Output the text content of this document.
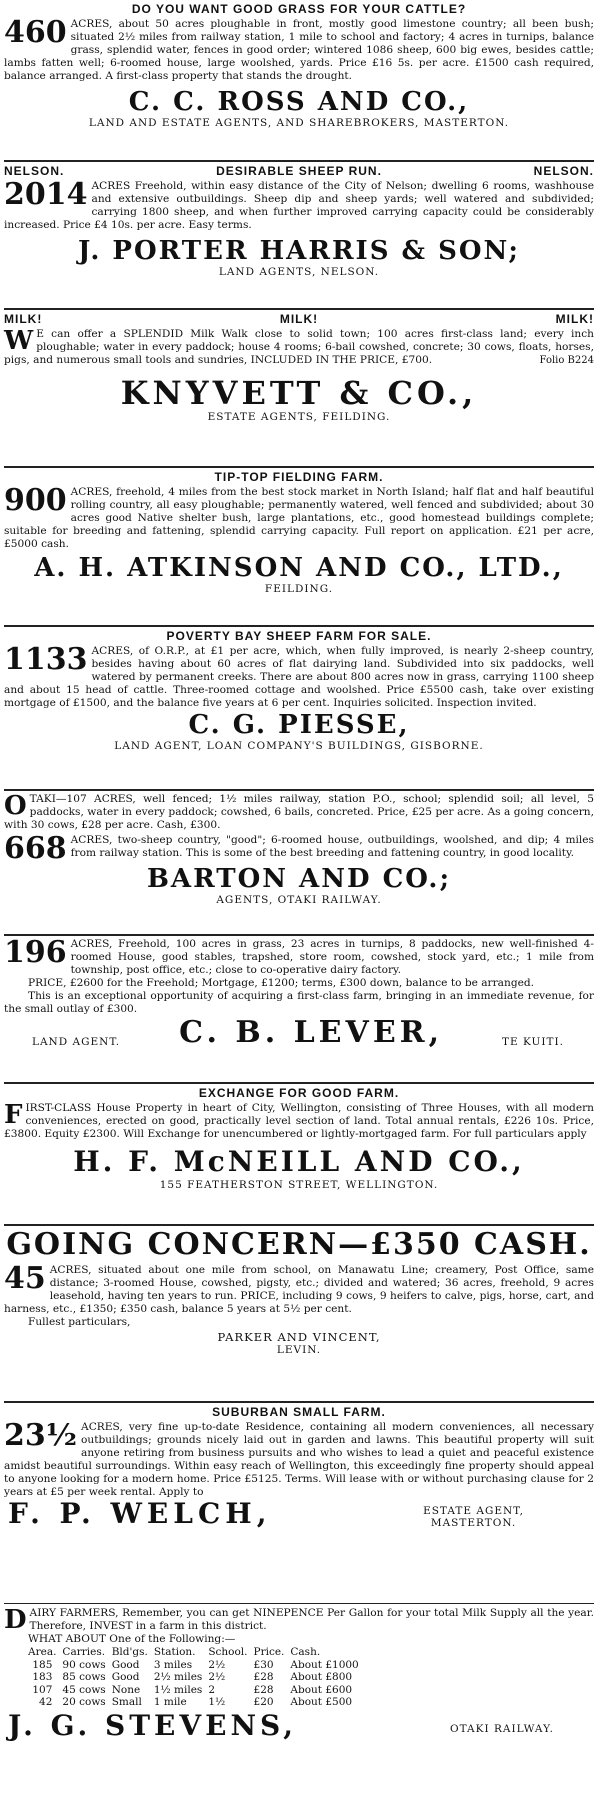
DO YOU WANT GOOD GRASS FOR YOUR CATTLE?

460 ACRES, about 50 acres ploughable in front, mostly good limestone country; all been bush; situated 2½ miles from railway station, 1 mile to school and factory; 4 acres in turnips, balance grass, splendid water, fences in good order; wintered 1086 sheep, 600 big ewes, besides cattle; lambs fatten well; 6-roomed house, large woolshed, yards. Price £16 5s. per acre. £1500 cash required, balance arranged. A first-class property that stands the drought.

C. C. ROSS AND CO.,
LAND AND ESTATE AGENTS, AND SHAREBROKERS, MASTERTON.
NELSON.	DESIRABLE SHEEP RUN.	NELSON.

2014 ACRES Freehold, within easy distance of the City of Nelson; dwelling 6 rooms, washhouse and extensive outbuildings. Sheep dip and sheep yards; well watered and subdivided; carrying 1800 sheep, and when further improved carrying capacity could be considerably increased. Price £4 10s. per acre. Easy terms.

J. PORTER HARRIS & SON;
LAND AGENTS, NELSON.
MILK!	MILK!	MILK!

W E can offer a SPLENDID Milk Walk close to solid town; 100 acres first-class land; every inch ploughable; water in every paddock; house 4 rooms; 6-bail cowshed, concrete; 30 cows, floats, horses, pigs, and numerous small tools and sundries, INCLUDED IN THE PRICE, £700.	Folio B224

KNYVETT & CO.,
ESTATE AGENTS, FEILDING.
TIP-TOP FIELDING FARM.

900 ACRES, freehold, 4 miles from the best stock market in North Island; half flat and half beautiful rolling country, all easy ploughable; permanently watered, well fenced and subdivided; about 30 acres good Native shelter bush, large plantations, etc., good homestead buildings complete; suitable for breeding and fattening, splendid carrying capacity. Full report on application. £21 per acre, £5000 cash.

A. H. ATKINSON AND CO., LTD.,
FEILDING.
POVERTY BAY SHEEP FARM FOR SALE.

1133 ACRES, of O.R.P., at £1 per acre, which, when fully improved, is nearly 2-sheep country, besides having about 60 acres of flat dairying land. Subdivided into six paddocks, well watered by permanent creeks. There are about 800 acres now in grass, carrying 1100 sheep and about 15 head of cattle. Three-roomed cottage and woolshed. Price £5500 cash, take over existing mortgage of £1500, and the balance five years at 6 per cent. Inquiries solicited. Inspection invited.

C. G. PIESSE,
LAND AGENT, LOAN COMPANY'S BUILDINGS, GISBORNE.

O TAKI—107 ACRES, well fenced; 1½ miles railway, station P.O., school; splendid soil; all level, 5 paddocks, water in every paddock; cowshed, 6 bails, concreted. Price, £25 per acre. As a going concern, with 30 cows, £28 per acre. Cash, £300.

668 ACRES, two-sheep country, "good"; 6-roomed house, outbuildings, woolshed, and dip; 4 miles from railway station. This is some of the best breeding and fattening country, in good locality.

BARTON AND CO.;
AGENTS, OTAKI RAILWAY.

196 ACRES, Freehold, 100 acres in grass, 23 acres in turnips, 8 paddocks, new well-finished 4-roomed House, good stables, trapshed, store room, cowshed, stock yard, etc.; 1 mile from township, post office, etc.; close to co-operative dairy factory.

PRICE, £2600 for the Freehold; Mortgage, £1200; terms, £300 down, balance to be arranged.

This is an exceptional opportunity of acquiring a first-class farm, bringing in an immediate revenue, for the small outlay of £300.

LAND AGENT. C. B. LEVER,	TE KUITI.
EXCHANGE FOR GOOD FARM.

F IRST-CLASS House Property in heart of City, Wellington, consisting of Three Houses, with all modern conveniences, erected on good, practically level section of land. Total annual rentals, £226 10s. Price, £3800. Equity £2300. Will Exchange for unencumbered or lightly-mortgaged farm. For full particulars apply

H. F. McNEILL AND CO.,
155 FEATHERSTON STREET, WELLINGTON.
GOING CONCERN—£350 CASH.

45 ACRES, situated about one mile from school, on Manawatu Line; creamery, Post Office, same distance; 3-roomed House, cowshed, pigsty, etc.; divided and watered; 36 acres, freehold, 9 acres leasehold, having ten years to run. PRICE, including 9 cows, 9 heifers to calve, pigs, horse, cart, and harness, etc., £1350; £350 cash, balance 5 years at 5½ per cent.

Fullest particulars,

PARKER AND VINCENT,
LEVIN.
SUBURBAN SMALL FARM.

23½ ACRES, very fine up-to-date Residence, containing all modern conveniences, all necessary outbuildings; grounds nicely laid out in garden and lawns. This beautiful property will suit anyone retiring from business pursuits and who wishes to lead a quiet and peaceful existence amidst beautiful surroundings. Within easy reach of Wellington, this exceedingly fine property should appeal to anyone looking for a modern home. Price £5125. Terms. Will lease with or without purchasing clause for 2 years at £5 per week rental. Apply to

F. P. WELCH,	ESTATE AGENT,
MASTERTON.

D AIRY FARMERS, Remember, you can get NINEPENCE Per Gallon for your total Milk Supply all the year. Therefore, INVEST in a farm in this district.

WHAT ABOUT One of the Following:—
Area.	Carries.	Bld'gs.	Station.	School.	Price.	Cash.
185	90 cows	Good	3 miles	2½	£30	About £1000
183	85 cows	Good	2½ miles	2½	£28	About £800
107	45 cows	None	1½ miles	2	£28	About £600
42	20 cows	Small	1 mile	1½	£20	About £500
J. G. STEVENS,	OTAKI RAILWAY.
